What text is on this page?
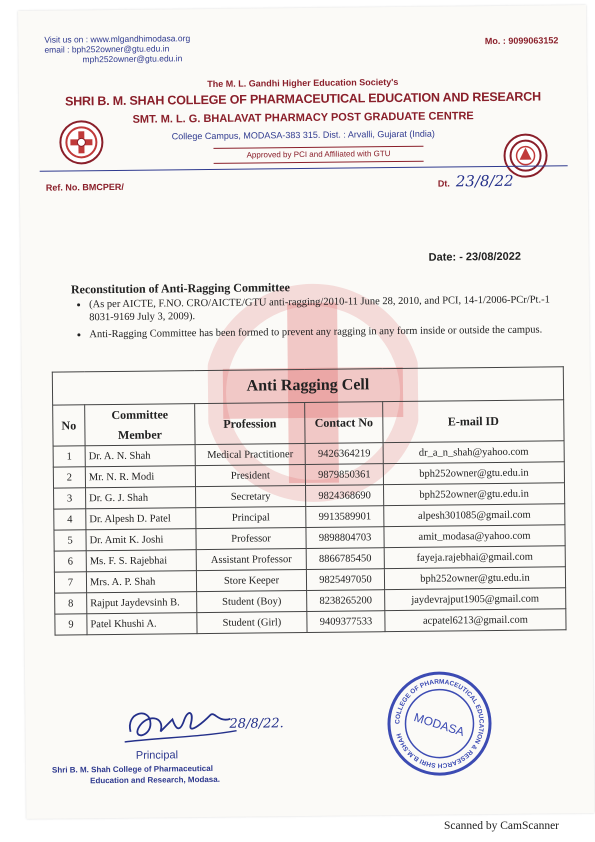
Visit us on : www.mlgandhimodasa.org
email : bph252owner@gtu.edu.in
mph252owner@gtu.edu.in
Mo. : 9099063152
The M. L. Gandhi Higher Education Society's
SHRI B. M. SHAH COLLEGE OF PHARMACEUTICAL EDUCATION AND RESEARCH
SMT. M. L. G. BHALAVAT PHARMACY POST GRADUATE CENTRE
College Campus, MODASA-383 315. Dist. : Arvalli, Gujarat (India)
Approved by PCI and Affiliated with GTU
Ref. No. BMCPER/	Dt. 23/8/22
Date: - 23/08/2022
Reconstitution of Anti-Ragging Committee
• (As per AICTE, F.NO. CRO/AICTE/GTU anti-ragging/2010-11 June 28, 2010, and PCI, 14-1/2006-PCr/Pt.-1 8031-9169 July 3, 2009).
• Anti-Ragging Committee has been formed to prevent any ragging in any form inside or outside the campus.
Anti Ragging Cell				
No	Committee Member	Profession	Contact No	E-mail ID
1	Dr. A. N. Shah	Medical Practitioner	9426364219	dr_a_n_shah@yahoo.com
2	Mr. N. R. Modi	President	9879850361	bph252owner@gtu.edu.in
3	Dr. G. J. Shah	Secretary	9824368690	bph252owner@gtu.edu.in
4	Dr. Alpesh D. Patel	Principal	9913589901	alpesh301085@gmail.com
5	Dr. Amit K. Joshi	Professor	9898804703	amit_modasa@yahoo.com
6	Ms. F. S. Rajebhai	Assistant Professor	8866785450	fayeja.rajebhai@gmail.com
7	Mrs. A. P. Shah	Store Keeper	9825497050	bph252owner@gtu.edu.in
8	Rajput Jaydevsinh B.	Student (Boy)	8238265200	jaydevrajput1905@gmail.com
9	Patel Khushi A.	Student (Girl)	9409377533	acpatel6213@gmail.com
28/8/22.
Principal
Shri B. M. Shah College of Pharmaceutical
Education and Research, Modasa.
COLLEGE OF PHARMACEUTICAL EDUCATION & RESEARCH SHRI B.M.SHAH MODASA
Scanned by CamScanner
